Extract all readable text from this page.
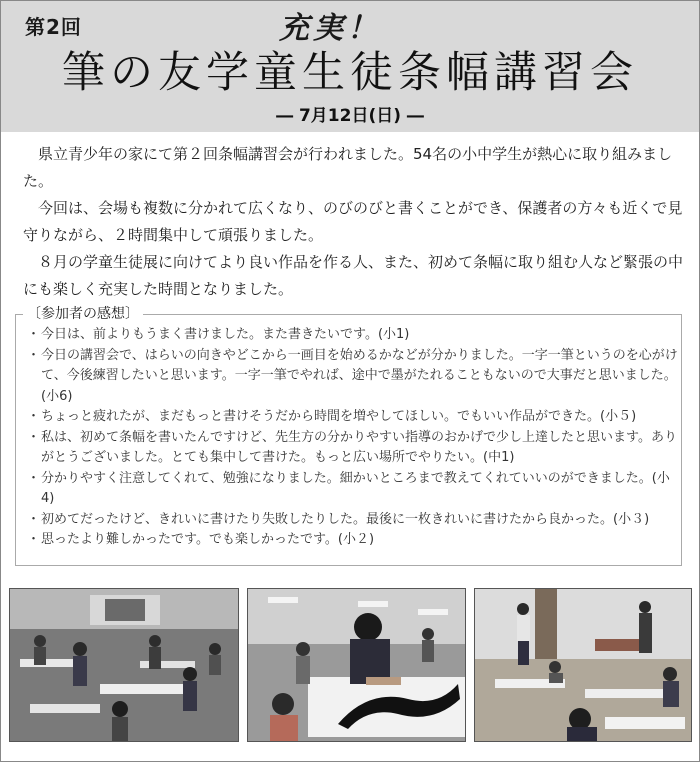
第2回	充実！
筆の友学童生徒条幅講習会
― 7月12日(日) ―

県立青少年の家にて第２回条幅講習会が行われました。54名の小中学生が熱心に取り組みました。

今回は、会場も複数に分かれて広くなり、のびのびと書くことができ、保護者の方々も近くで見守りながら、２時間集中して頑張りました。

８月の学童生徒展に向けてより良い作品を作る人、また、初めて条幅に取り組む人など緊張の中にも楽しく充実した時間となりました。

〔参加者の感想〕
・ 今日は、前よりもうまく書けました。また書きたいです。(小1)
・ 今日の講習会で、はらいの向きやどこから一画目を始めるかなどが分かりました。一字一筆というのを心がけて、今後練習したいと思います。一字一筆でやれば、途中で墨がたれることもないので大事だと思いました。(小6)
・ ちょっと疲れたが、まだもっと書けそうだから時間を増やしてほしい。でもいい作品ができた。(小５)
・ 私は、初めて条幅を書いたんですけど、先生方の分かりやすい指導のおかげで少し上達したと思います。ありがとうございました。とても集中して書けた。もっと広い場所でやりたい。(中1)
・ 分かりやすく注意してくれて、勉強になりました。細かいところまで教えてくれていいのができました。(小4)
・ 初めてだったけど、きれいに書けたり失敗したりした。最後に一枚きれいに書けたから良かった。(小３)
・ 思ったより難しかったです。でも楽しかったです。(小２)
